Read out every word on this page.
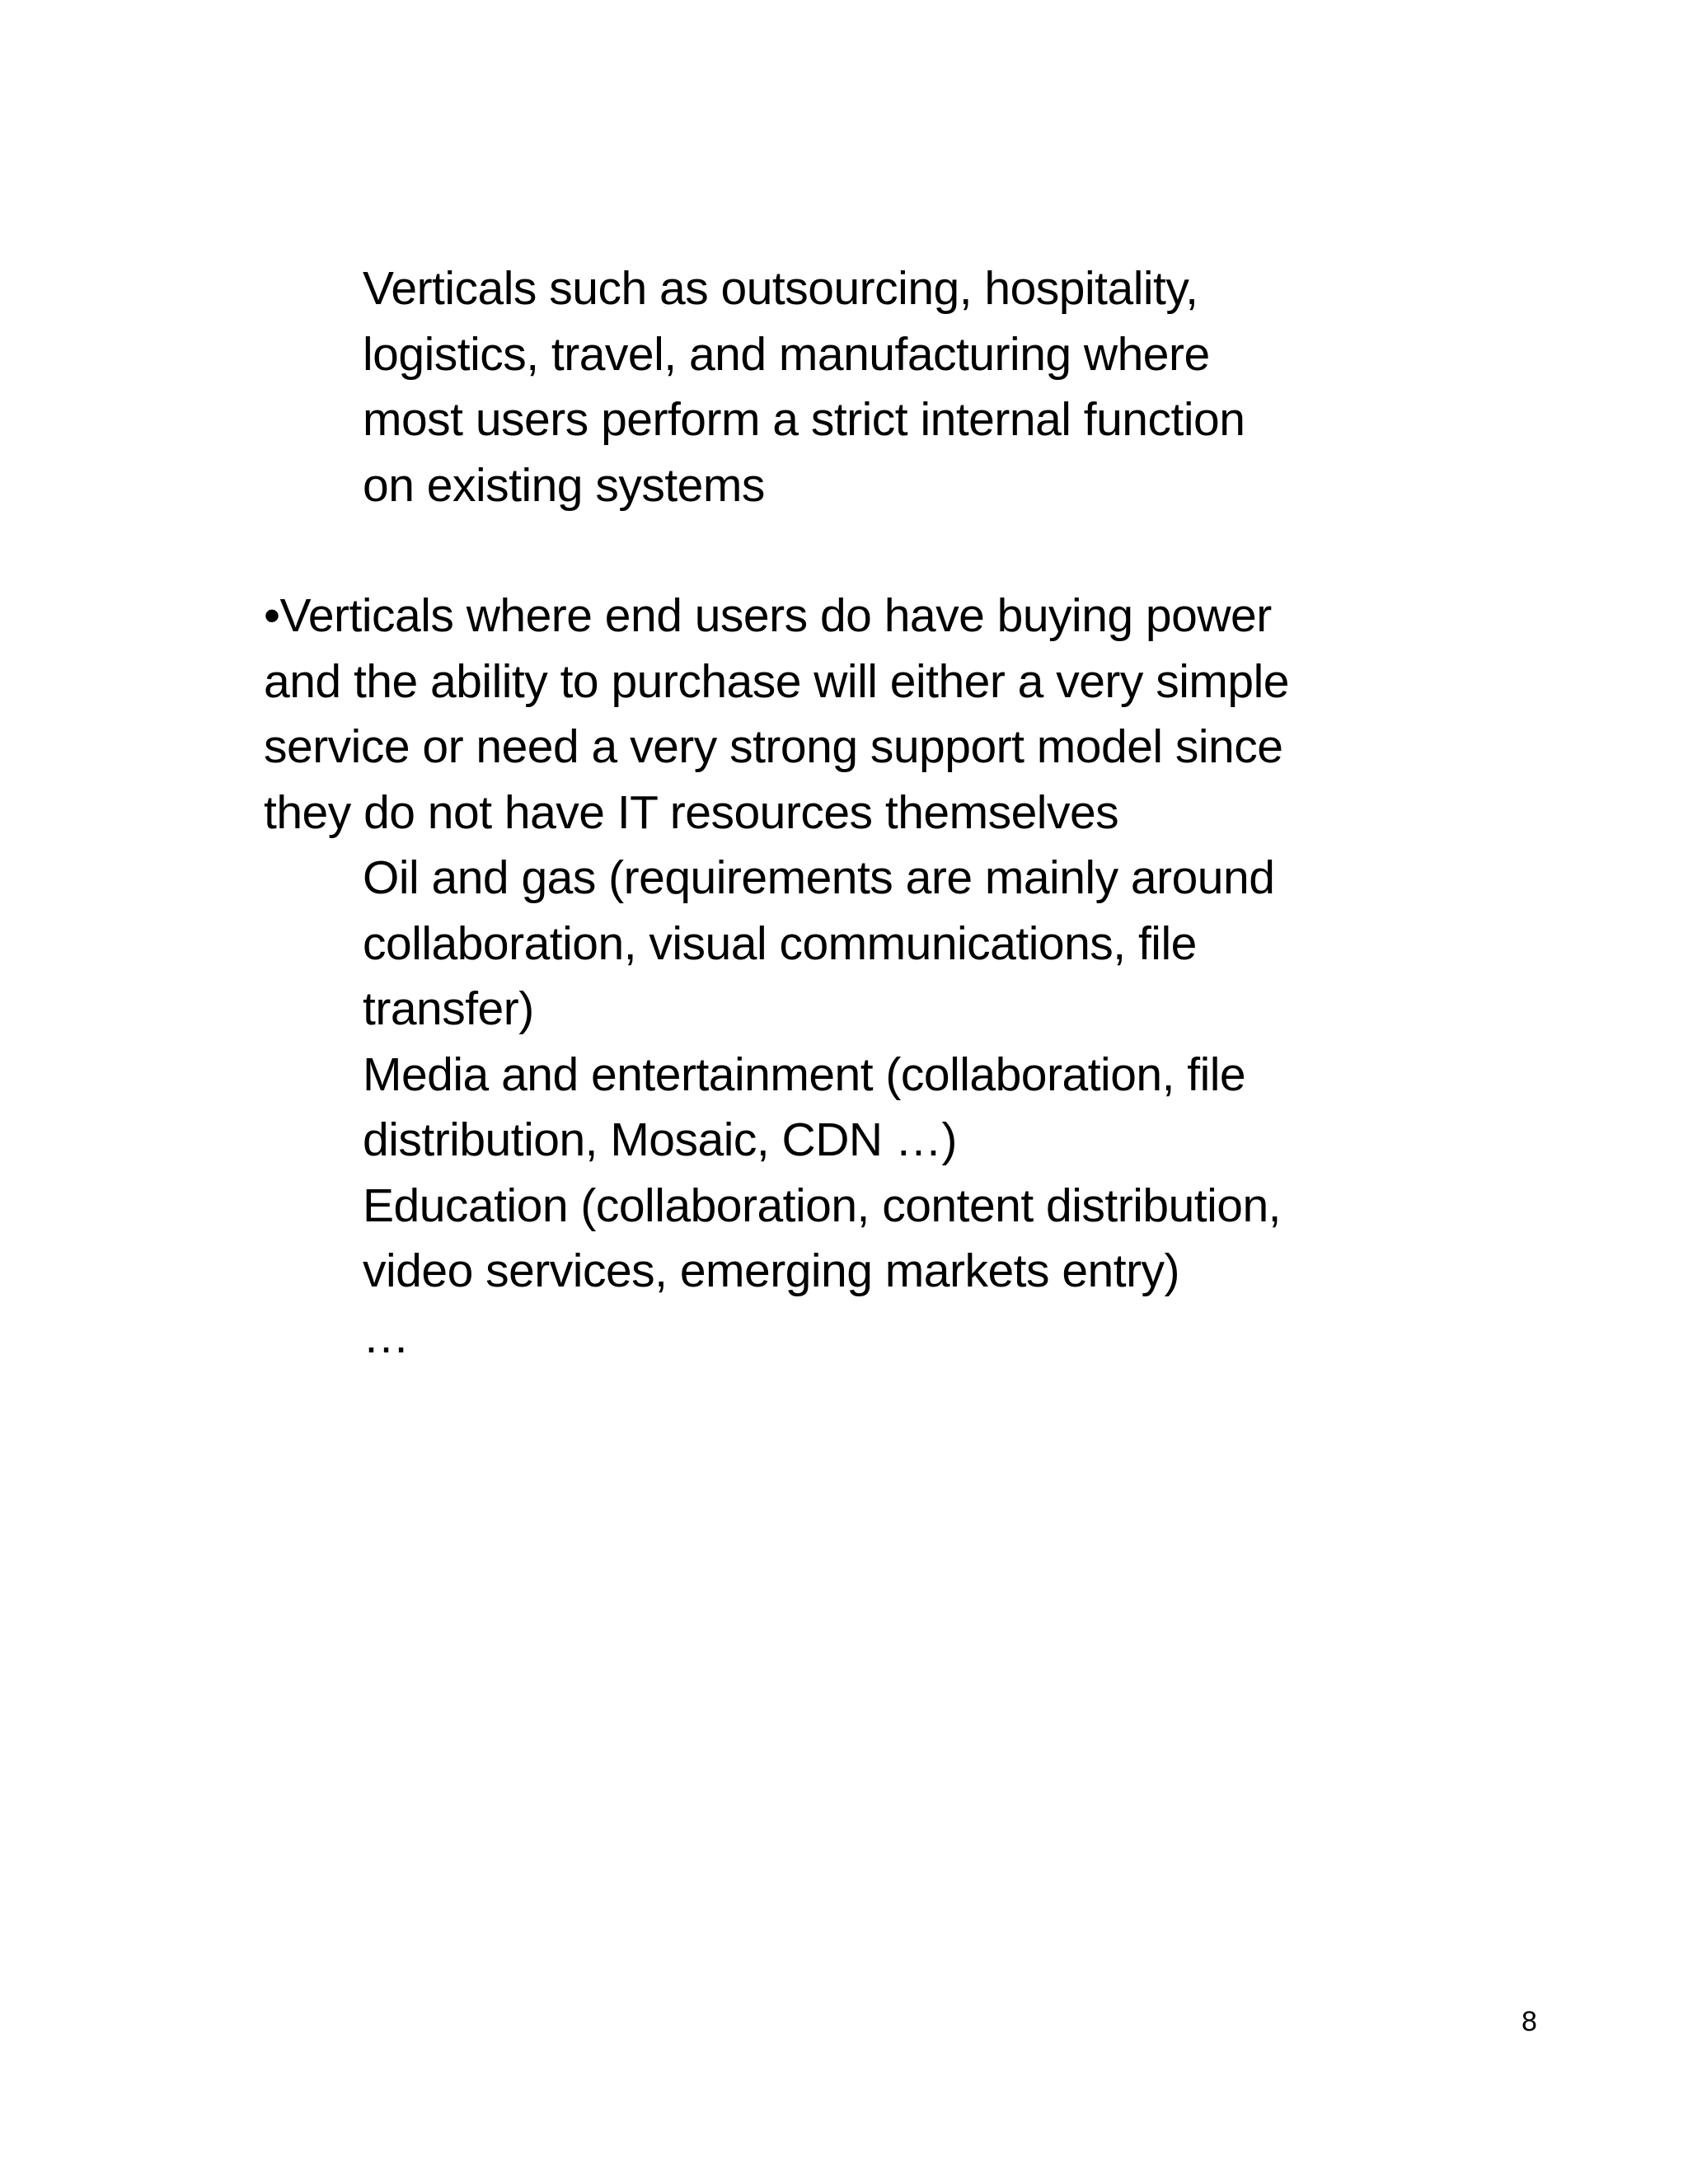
Verticals such as outsourcing, hospitality,
logistics, travel, and manufacturing where
most users perform a strict internal function
on existing systems
•Verticals where end users do have buying power
and the ability to purchase will either a very simple
service or need a very strong support model since
they do not have IT resources themselves
Oil and gas (requirements are mainly around
collaboration, visual communications, file
transfer)
Media and entertainment (collaboration, file
distribution, Mosaic, CDN …)
Education (collaboration, content distribution,
video services, emerging markets entry)
…
8
